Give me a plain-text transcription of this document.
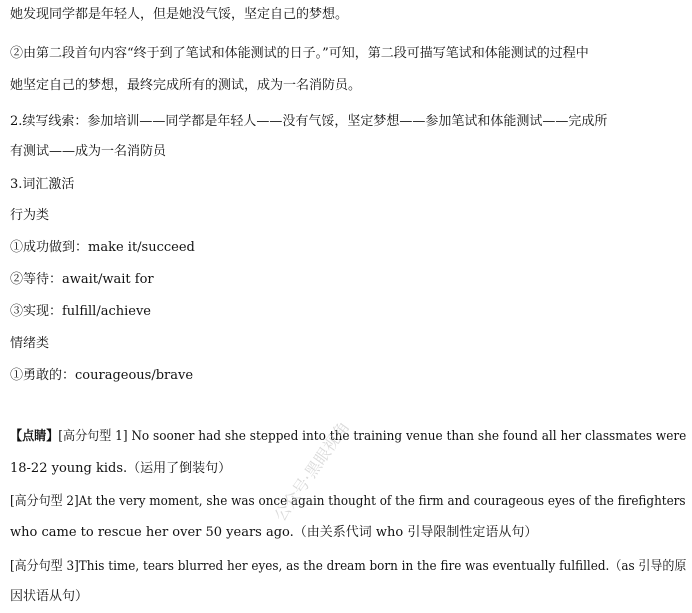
她发现同学都是年轻人，但是她没气馁，坚定自己的梦想。
②由第二段首句内容“终于到了笔试和体能测试的日子。”可知，第二段可描写笔试和体能测试的过程中
她坚定自己的梦想，最终完成所有的测试，成为一名消防员。
2.续写线索：参加培训——同学都是年轻人——没有气馁，坚定梦想——参加笔试和体能测试——完成所
有测试——成为一名消防员
3.词汇激活
行为类
①成功做到：make it/succeed
②等待：await/wait for
③实现：fulfill/achieve
情绪类
①勇敢的：courageous/brave
【点睛】[高分句型 1] No sooner had she stepped into the training venue than she found all her classmates were
18-22 young kids.（运用了倒装句）
[高分句型 2]At the very moment, she was once again thought of the firm and courageous eyes of the firefighters
who came to rescue her over 50 years ago.（由关系代词 who 引导限制性定语从句）
[高分句型 3]This time, tears blurred her eyes, as the dream born in the fire was eventually fulfilled.（as 引导的原
因状语从句）
公众号·黑眼视角
